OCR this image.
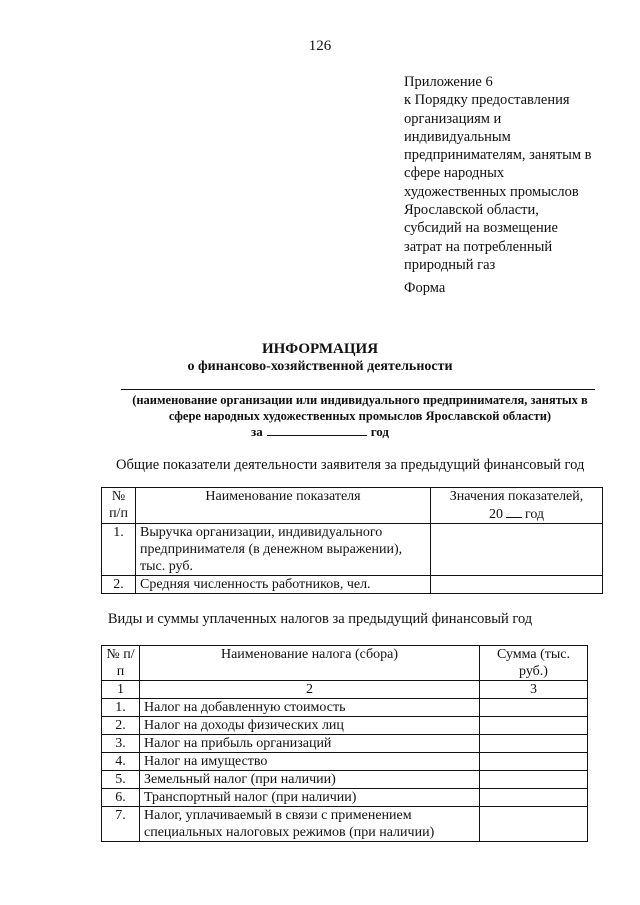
126
Приложение 6
к Порядку предоставления
организациям и
индивидуальным
предпринимателям, занятым в
сфере народных
художественных промыслов
Ярославской области,
субсидий на возмещение
затрат на потребленный
природный газ
Форма
ИНФОРМАЦИЯ
о финансово-хозяйственной деятельности
(наименование организации или индивидуального предпринимателя, занятых в
сфере народных художественных промыслов Ярославской области)
за	год
Общие показатели деятельности заявителя за предыдущий финансовый год
№ п/п	Наименование показателя	Значения показателей,
20 год

1.	Выручка организации, индивидуального предпринимателя (в денежном выражении), тыс. руб.	
2.	Средняя численность работников, чел.	
Виды и суммы уплаченных налогов за предыдущий финансовый год
№ п/п	Наименование налога (сбора)	Сумма (тыс. руб.)
1	2	3
1.	Налог на добавленную стоимость	
2.	Налог на доходы физических лиц	
3.	Налог на прибыль организаций	
4.	Налог на имущество	
5.	Земельный налог (при наличии)	
6.	Транспортный налог (при наличии)	
7.	Налог, уплачиваемый в связи с применением специальных налоговых режимов (при наличии)	
